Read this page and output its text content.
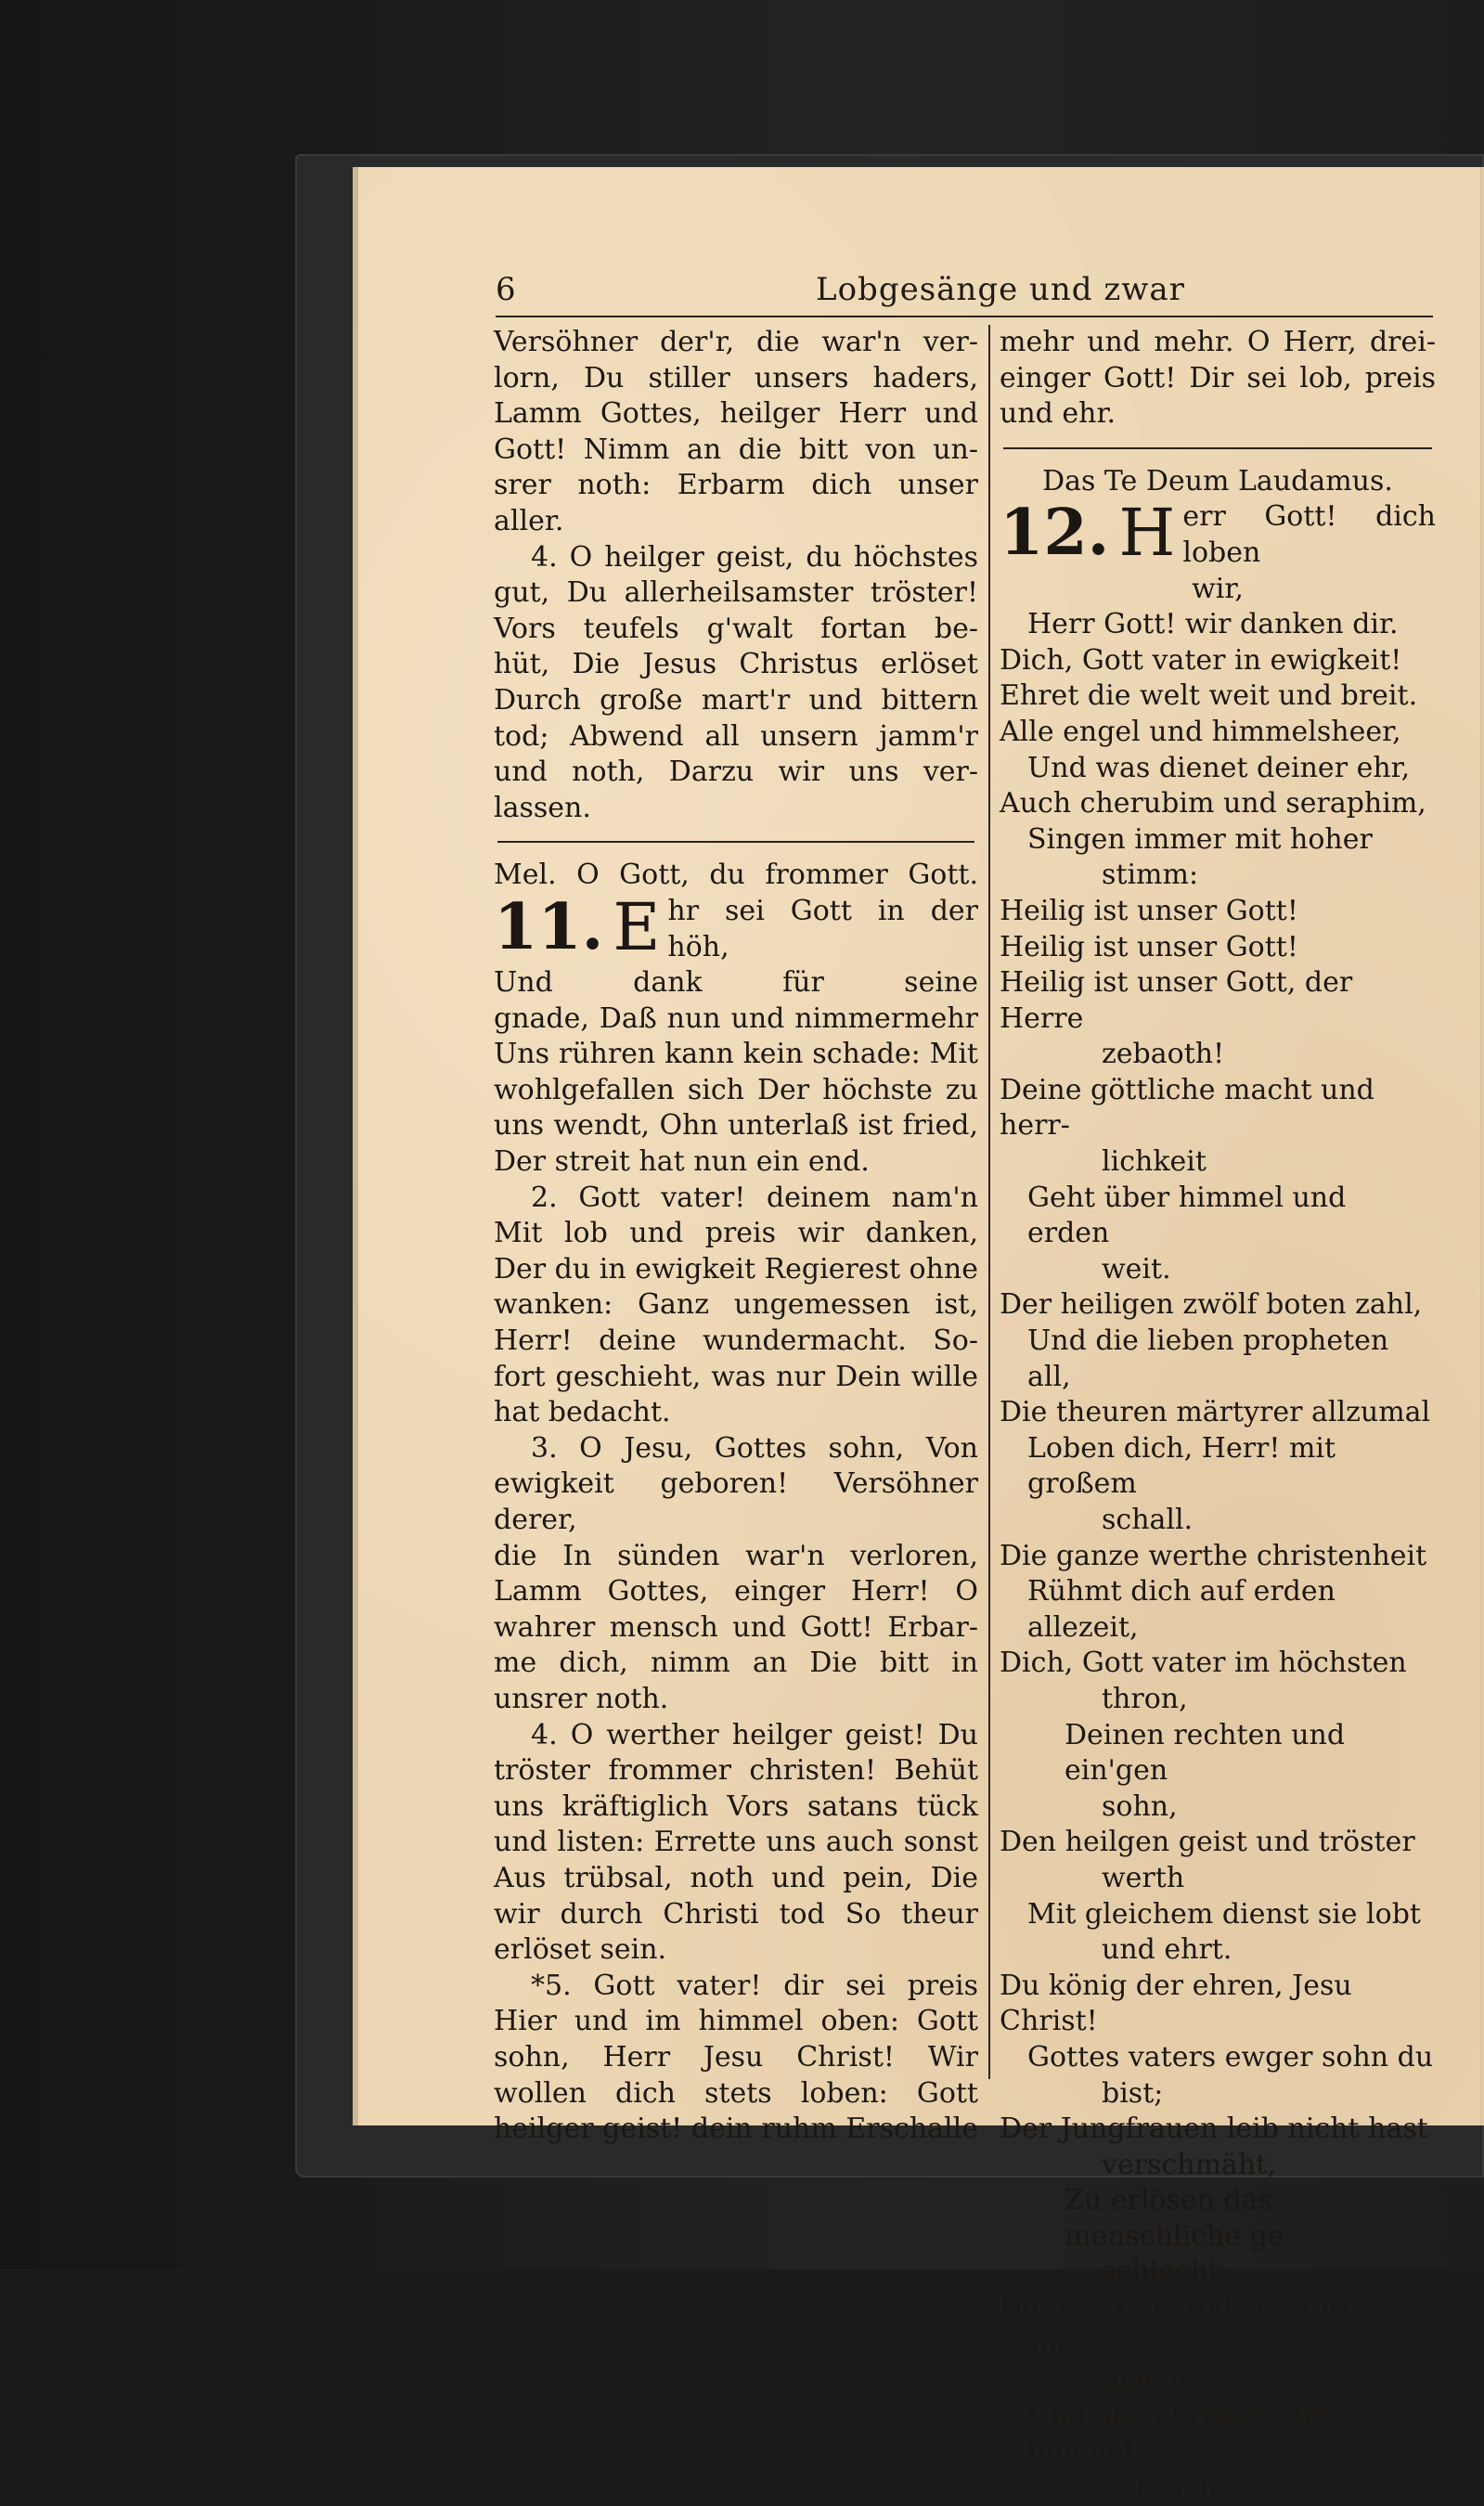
6	Lobgesänge und zwar

Versöhner der'r, die war'n ver-

lorn, Du stiller unsers haders,

Lamm Gottes, heilger Herr und

Gott! Nimm an die bitt von un-

srer noth: Erbarm dich unser

aller.

4. O heilger geist, du höchstes

gut, Du allerheilsamster tröster!

Vors teufels g'walt fortan be-

hüt, Die Jesus Christus erlöset

Durch große mart'r und bittern

tod; Abwend all unsern jamm'r

und noth, Darzu wir uns ver-

lassen.

Mel. O Gott, du frommer Gott.

11. E hr sei Gott in der höh,

Und dank für seine

gnade, Daß nun und nimmermehr

Uns rühren kann kein schade: Mit

wohlgefallen sich Der höchste zu

uns wendt, Ohn unterlaß ist fried,

Der streit hat nun ein end.

2. Gott vater! deinem nam'n

Mit lob und preis wir danken,

Der du in ewigkeit Regierest ohne

wanken: Ganz ungemessen ist,

Herr! deine wundermacht. So-

fort geschieht, was nur Dein wille

hat bedacht.

3. O Jesu, Gottes sohn, Von

ewigkeit geboren! Versöhner derer,

die In sünden war'n verloren,

Lamm Gottes, einger Herr! O

wahrer mensch und Gott! Erbar-

me dich, nimm an Die bitt in

unsrer noth.

4. O werther heilger geist! Du

tröster frommer christen! Behüt

uns kräftiglich Vors satans tück

und listen: Errette uns auch sonst

Aus trübsal, noth und pein, Die

wir durch Christi tod So theur

erlöset sein.

*5. Gott vater! dir sei preis

Hier und im himmel oben: Gott

sohn, Herr Jesu Christ! Wir

wollen dich stets loben: Gott

heilger geist! dein ruhm Erschalle

mehr und mehr. O Herr, drei-

einger Gott! Dir sei lob, preis

und ehr.

Das Te Deum Laudamus.

12. H err Gott! dich loben

wir,

Herr Gott! wir danken dir.

Dich, Gott vater in ewigkeit!

Ehret die welt weit und breit.

Alle engel und himmelsheer,

Und was dienet deiner ehr,

Auch cherubim und seraphim,

Singen immer mit hoher

stimm:

Heilig ist unser Gott!

Heilig ist unser Gott!

Heilig ist unser Gott, der Herre

zebaoth!

Deine göttliche macht und herr-

lichkeit

Geht über himmel und erden

weit.

Der heiligen zwölf boten zahl,

Und die lieben propheten all,

Die theuren märtyrer allzumal

Loben dich, Herr! mit großem

schall.

Die ganze werthe christenheit

Rühmt dich auf erden allezeit,

Dich, Gott vater im höchsten

thron,

Deinen rechten und ein'gen

sohn,

Den heilgen geist und tröster

werth

Mit gleichem dienst sie lobt

und ehrt.

Du könig der ehren, Jesu Christ!

Gottes vaters ewger sohn du

bist;

Der Jungfrauen leib nicht hast

verschmäht,

Zu erlösen das menschliche ge-

schlecht;

Du hast dem tod zerstört seine

macht,

Und alle christen zum himmel

gebracht.
